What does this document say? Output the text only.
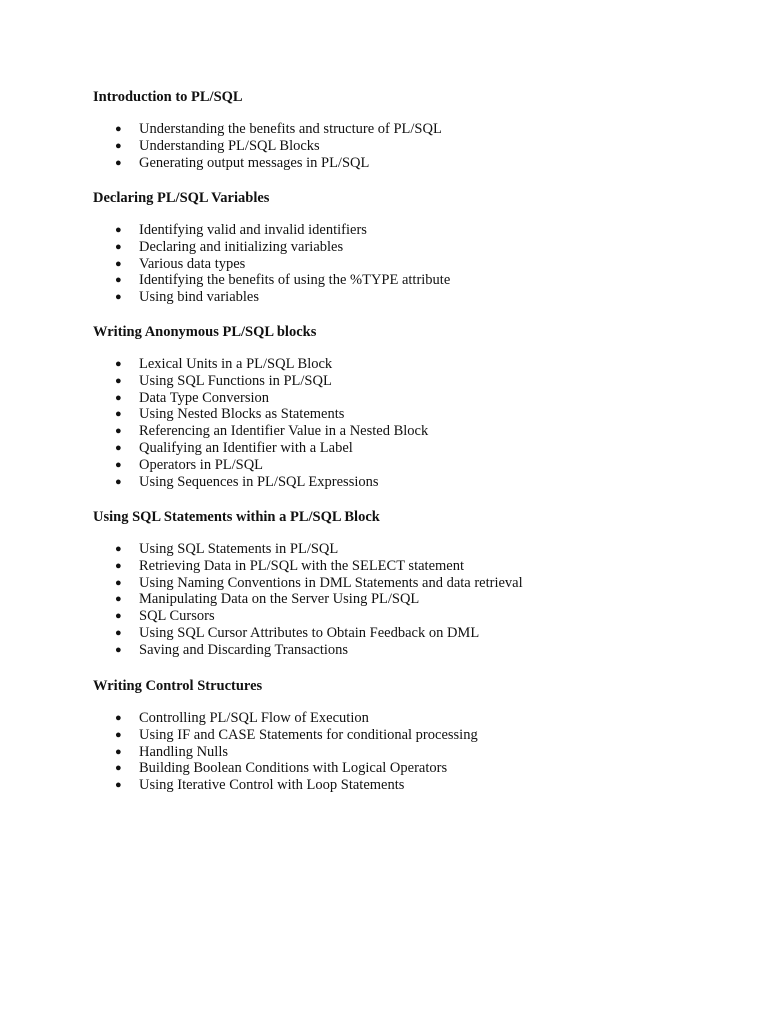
Introduction to PL/SQL
● Understanding the benefits and structure of PL/SQL
● Understanding PL/SQL Blocks
● Generating output messages in PL/SQL
Declaring PL/SQL Variables
● Identifying valid and invalid identifiers
● Declaring and initializing variables
● Various data types
● Identifying the benefits of using the %TYPE attribute
● Using bind variables
Writing Anonymous PL/SQL blocks
● Lexical Units in a PL/SQL Block
● Using SQL Functions in PL/SQL
● Data Type Conversion
● Using Nested Blocks as Statements
● Referencing an Identifier Value in a Nested Block
● Qualifying an Identifier with a Label
● Operators in PL/SQL
● Using Sequences in PL/SQL Expressions
Using SQL Statements within a PL/SQL Block
● Using SQL Statements in PL/SQL
● Retrieving Data in PL/SQL with the SELECT statement
● Using Naming Conventions in DML Statements and data retrieval
● Manipulating Data on the Server Using PL/SQL
● SQL Cursors
● Using SQL Cursor Attributes to Obtain Feedback on DML
● Saving and Discarding Transactions
Writing Control Structures
● Controlling PL/SQL Flow of Execution
● Using IF and CASE Statements for conditional processing
● Handling Nulls
● Building Boolean Conditions with Logical Operators
● Using Iterative Control with Loop Statements
